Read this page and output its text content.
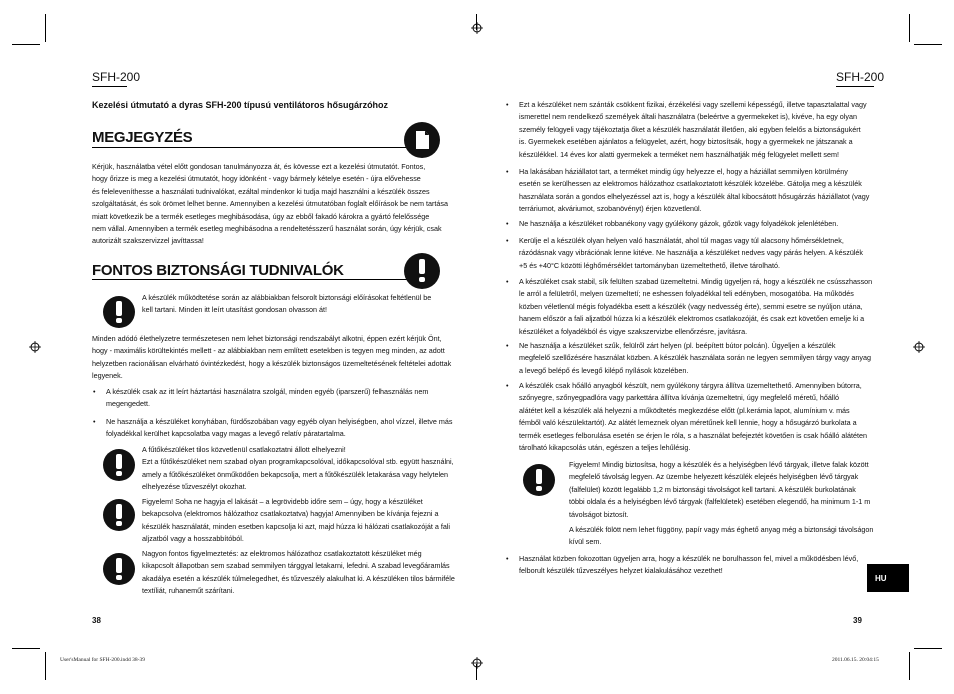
SFH-200	SFH-200
Kezelési útmutató a dyras SFH-200 típusú ventilátoros hősugárzóhoz
MEGJEGYZÉS
Kérjük, használatba vétel előtt gondosan tanulmányozza át, és kövesse ezt a kezelési útmutatót. Fontos,
hogy őrizze is meg a kezelési útmutatót, hogy idönként - vagy bármely kételye esetén - újra elővehesse
és feleleveníthesse a használati tudnivalókat, ezáltal mindenkor ki tudja majd használni a készülék összes
szolgáltatását, és sok örömet lelhet benne. Amennyiben a kezelési útmutatóban foglalt előírások be nem tartása
miatt következik be a termék esetleges meghibásodása, úgy az ebből fakadó károkra a gyártó felelőssége
nem vállal. Amennyiben a termék esetleg meghibásodna a rendeltetésszerű használat során, úgy kérjük, csak
autorizált szakszervizzel javíttassa!
FONTOS BIZTONSÁGI TUDNIVALÓK
A készülék működtetése során az alábbiakban felsorolt biztonsági előírásokat feltétlenül be
kell tartani. Minden itt leírt utasítást gondosan olvasson át!
Minden adódó élethelyzetre természetesen nem lehet biztonsági rendszabályt alkotni, éppen ezért kérjük Önt,
hogy - maximális körültekintés mellett - az alábbiakban nem említett esetekben is tegyen meg minden, az adott
helyzetben racionálisan elvárható óvintézkedést, hogy a készülék biztonságos üzemeltetésének feltételei adottak
legyenek.
• A készülék csak az itt leírt háztartási használatra szolgál, minden egyéb (iparszerű) felhasználás nem
megengedett.
• Ne használja a készüléket konyhában, fürdőszobában vagy egyéb olyan helyiségben, ahol vízzel, illetve más
folyadékkal kerülhet kapcsolatba vagy magas a levegő relatív páratartalma.
A fűtőkészüléket tilos közvetlenül csatlakoztatni állott elhelyezni!
Ezt a fűtőkészüléket nem szabad olyan programkapcsolóval, időkapcsolóval stb. együtt használni,
amely a fűtőkészüléket önműködően bekapcsolja, mert a fűtőkészülék letakarása vagy helytelen
elhelyezése tűzveszélyt okozhat.
Figyelem! Soha ne hagyja el lakását – a legrövidebb időre sem – úgy, hogy a készüléket
bekapcsolva (elektromos hálózathoz csatlakoztatva) hagyja! Amennyiben be kívánja fejezni a
készülék használatát, minden esetben kapcsolja ki azt, majd húzza ki hálózati csatlakozóját a fali
aljzatból vagy a hosszabbítóból.
Nagyon fontos figyelmeztetés: az elektromos hálózathoz csatlakoztatott készüléket még
kikapcsolt állapotban sem szabad semmilyen tárggyal letakarni, lefedni. A szabad levegőáramlás
akadálya esetén a készülék túlmelegedhet, és tűzveszély alakulhat ki. A készüléken tilos bármiféle
textíliát, ruhaneműt szárítani.
38
• Ezt a készüléket nem szánták csökkent fizikai, érzékelési vagy szellemi képességű, illetve tapasztalattal vagy
ismerettel nem rendelkező személyek általi használatra (beleértve a gyermekeket is), kivéve, ha egy olyan
személy felügyeli vagy tájékoztatja őket a készülék használatát illetően, aki egyben felelős a biztonságukért
is. Gyermekek esetében ajánlatos a felügyelet, azért, hogy biztosítsák, hogy a gyermekek ne játszanak a
készülékkel. 14 éves kor alatti gyermekek a terméket nem használhatják még felügyelet mellett sem!
• Ha lakásában háziállatot tart, a terméket mindig úgy helyezze el, hogy a háziállat semmilyen körülmény
esetén se kerülhessen az elektromos hálózathoz csatlakoztatott készülék közelébe. Gátolja meg a készülék
használata során a gondos elhelyezéssel azt is, hogy a készülék által kibocsátott hősugárzás háziállatot (vagy
terráriumot, akváriumot, szobanövényt) érjen közvetlenül.
• Ne használja a készüléket robbanékony vagy gyúlékony gázok, gőzök vagy folyadékok jelenlétében.
• Kerülje el a készülék olyan helyen való használatát, ahol túl magas vagy túl alacsony hőmérsékletnek,
rázódásnak vagy vibrációnak lenne kitéve. Ne használja a készüléket nedves vagy párás helyen. A készülék
+5 és +40°C közötti léghőmérséklet tartományban üzemeltethető, illetve tárolható.
• A készüléket csak stabil, sík felülten szabad üzemeltetni. Mindig ügyeljen rá, hogy a készülék ne csússzhasson
le arról a felületről, melyen üzemeltetí; ne eshessen folyadékkal teli edényben, mosogatóba. Ha működés
közben véletlenül mégis folyadékba esett a készülék (vagy nedvesség érte), semmi esetre se nyúljon utána,
hanem először a fali aljzatból húzza ki a készülék elektromos csatlakozóját, és csak ezt követően emelje ki a
készüléket a folyadékból és vigye szakszervizbe ellenőrzésre, javításra.
• Ne használja a készüléket szűk, felülről zárt helyen (pl. beépített bútor polcán). Ügyeljen a készülék
megfelelő szellőzésére használat közben. A készülék használata során ne legyen semmilyen tárgy vagy anyag
a levegő belépő és levegő kilépő nyílások közelében.
• A készülék csak hőálló anyagból készült, nem gyúlékony tárgyra állítva üzemeltethető. Amennyiben bútorra,
szőnyegre, szőnyegpadlóra vagy parkettára állítva kívánja üzemeltetni, úgy megfelelő méretű, hőálló
alátétet kell a készülék alá helyezni a működtetés megkezdése előtt (pl.kerámia lapot, alumínium v. más
fémből való készülektartót). Az alátét lemeznek olyan méretűnek kell lennie, hogy a hősugárzó burkolata a
termék esetleges felborulása esetén se érjen le róla, s a használat befejeztét követően is csak hőálló alátéten
tárolható kikapcsolás után, egészen a teljes lehűlésig.
Figyelem! Mindig biztosítsa, hogy a készülék és a helyiségben lévő tárgyak, illetve falak között
megfelelő távolság legyen. Az üzembe helyezett készülék elejeés helyiségben lévő tárgyak
(falfelület) között legalább 1,2 m biztonsági távolságot kell tartani. A készülék burkolatának
többi oldala és a helyiségben lévő tárgyak (falfelületek) esetében elegendő, ha minimum 1-1 m
távolságot biztosít.
A készülék fölött nem lehet függöny, papír vagy más éghető anyag még a biztonsági távolságon
kívül sem.
• Használat közben fokozottan ügyeljen arra, hogy a készülék ne borulhasson fel, mivel a működésben lévő,
felborult készülék tűzveszélyes helyzet kialakulásához vezethet!
HU
39
User'sManual for SFH-200.indd 38-39	2011.06.15. 20:04:15
